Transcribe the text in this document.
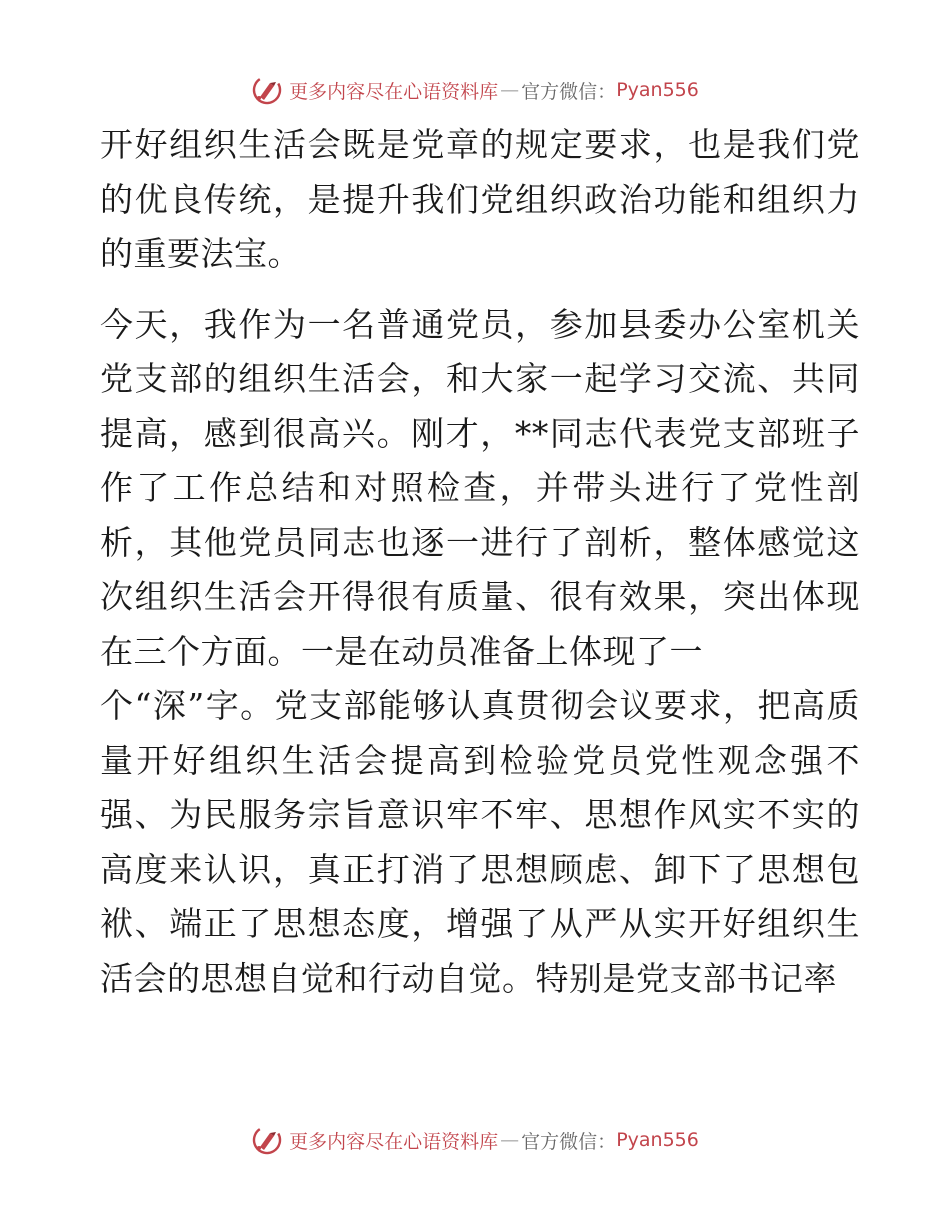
更多内容尽在心语资料库 — 官方微信： Pyan556

开好组织生活会既是党章的规定要求，也是我们党的优良传统，是提升我们党组织政治功能和组织力的重要法宝。

今天，我作为一名普通党员，参加县委办公室机关党支部的组织生活会，和大家一起学习交流、共同提高，感到很高兴。刚才，**同志代表党支部班子作了工作总结和对照检查，并带头进行了党性剖析，其他党员同志也逐一进行了剖析，整体感觉这次组织生活会开得很有质量、很有效果，突出体现在三个方面。一是在动员准备上体现了一

个“深”字。党支部能够认真贯彻会议要求，把高质量开好组织生活会提高到检验党员党性观念强不强、为民服务宗旨意识牢不牢、思想作风实不实的高度来认识，真正打消了思想顾虑、卸下了思想包袱、端正了思想态度，增强了从严从实开好组织生活会的思想自觉和行动自觉。特别是党支部书记率

更多内容尽在心语资料库 — 官方微信： Pyan556
